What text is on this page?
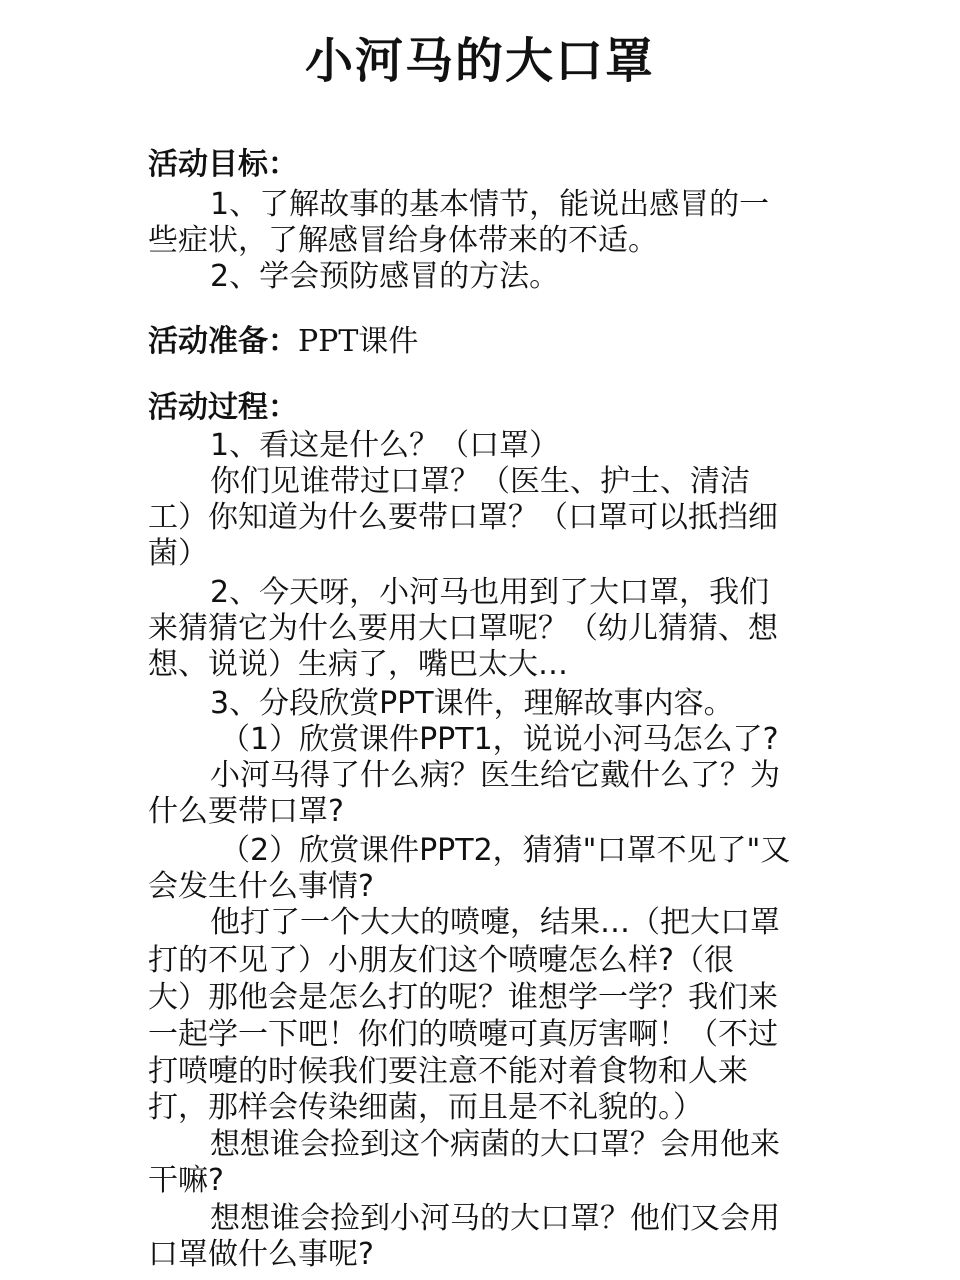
小河马的大口罩
活动目标：
1、了解故事的基本情节，能说出感冒的一
些症状，了解感冒给身体带来的不适。
2、学会预防感冒的方法。
活动准备：PPT课件
活动过程：
1、看这是什么？（口罩）
你们见谁带过口罩？（医生、护士、清洁
工）你知道为什么要带口罩？（口罩可以抵挡细
菌）
2、今天呀，小河马也用到了大口罩，我们
来猜猜它为什么要用大口罩呢？（幼儿猜猜、想
想、说说）生病了，嘴巴太大…
3、分段欣赏PPT课件，理解故事内容。
（1）欣赏课件PPT1，说说小河马怎么了?
小河马得了什么病？医生给它戴什么了？为
什么要带口罩?
（2）欣赏课件PPT2，猜猜"口罩不见了"又
会发生什么事情?
他打了一个大大的喷嚏，结果…（把大口罩
打的不见了）小朋友们这个喷嚏怎么样?（很
大）那他会是怎么打的呢？谁想学一学？我们来
一起学一下吧！你们的喷嚏可真厉害啊！（不过
打喷嚏的时候我们要注意不能对着食物和人来
打，那样会传染细菌，而且是不礼貌的。）
想想谁会捡到这个病菌的大口罩？会用他来
干嘛?
想想谁会捡到小河马的大口罩？他们又会用
口罩做什么事呢?
